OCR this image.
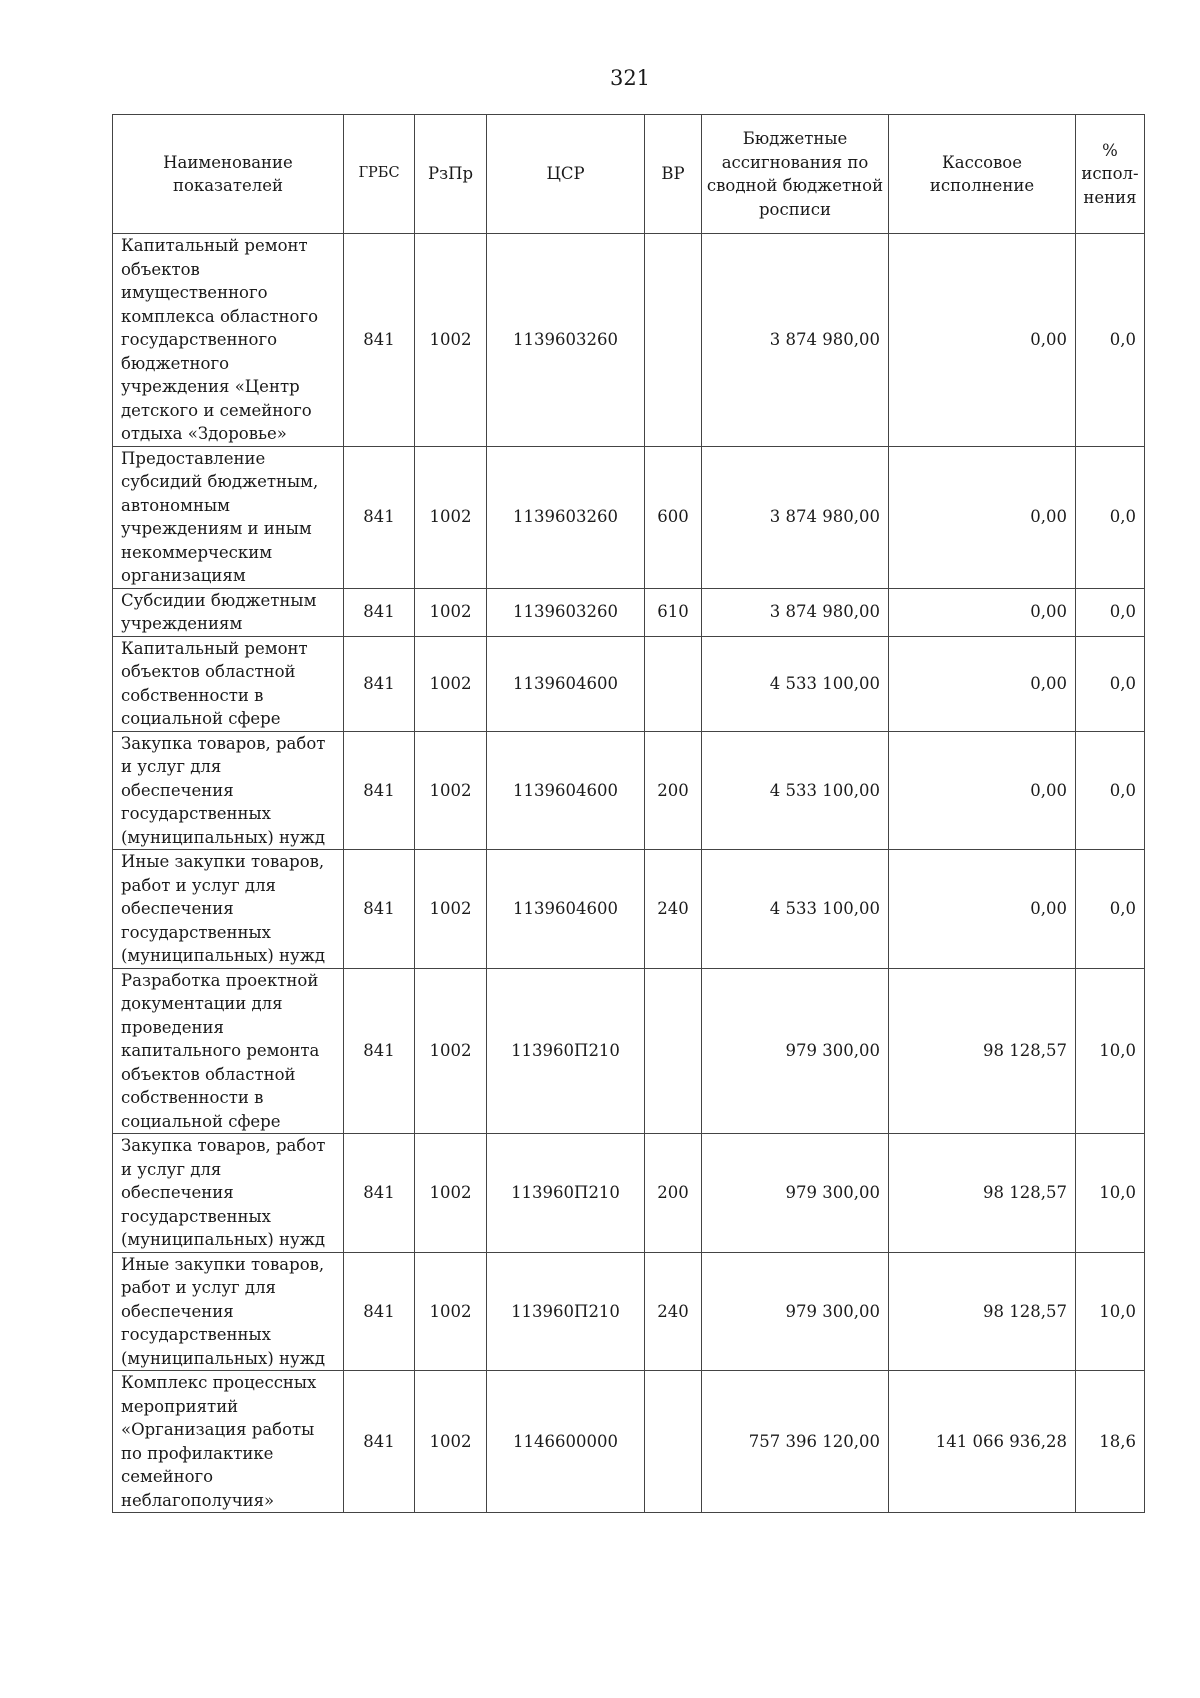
321
Наименование показателей	ГРБС	РзПр	ЦСР	ВР	Бюджетные ассигнования по сводной бюджетной росписи	Кассовое исполнение	% испол- нения
Капитальный ремонт объектов имущественного комплекса областного государственного бюджетного учреждения «Центр детского и семейного отдыха «Здоровье»	841	1002	1139603260		3 874 980,00	0,00	0,0
Предоставление субсидий бюджетным, автономным учреждениям и иным некоммерческим организациям	841	1002	1139603260	600	3 874 980,00	0,00	0,0
Субсидии бюджетным учреждениям	841	1002	1139603260	610	3 874 980,00	0,00	0,0
Капитальный ремонт объектов областной собственности в социальной сфере	841	1002	1139604600		4 533 100,00	0,00	0,0
Закупка товаров, работ и услуг для обеспечения государственных (муниципальных) нужд	841	1002	1139604600	200	4 533 100,00	0,00	0,0
Иные закупки товаров, работ и услуг для обеспечения государственных (муниципальных) нужд	841	1002	1139604600	240	4 533 100,00	0,00	0,0
Разработка проектной документации для проведения капитального ремонта объектов областной собственности в социальной сфере	841	1002	113960П210		979 300,00	98 128,57	10,0
Закупка товаров, работ и услуг для обеспечения государственных (муниципальных) нужд	841	1002	113960П210	200	979 300,00	98 128,57	10,0
Иные закупки товаров, работ и услуг для обеспечения государственных (муниципальных) нужд	841	1002	113960П210	240	979 300,00	98 128,57	10,0
Комплекс процессных мероприятий «Организация работы по профилактике семейного неблагополучия»	841	1002	1146600000		757 396 120,00	141 066 936,28	18,6
